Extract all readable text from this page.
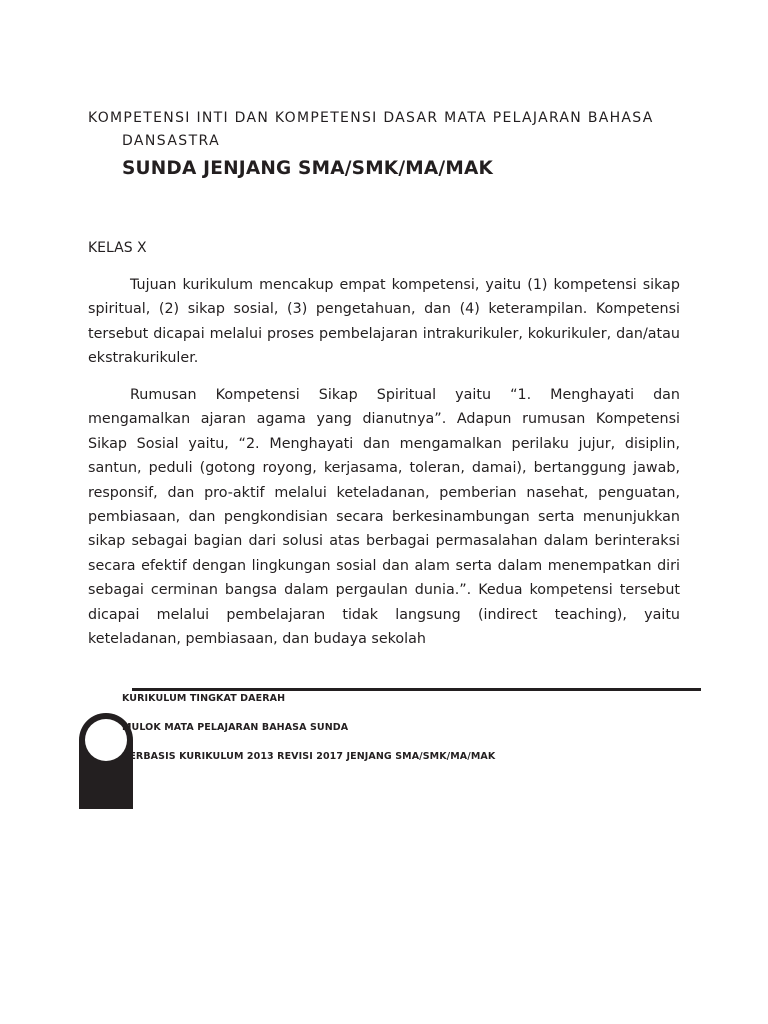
KOMPETENSI INTI DAN KOMPETENSI DASAR MATA PELAJARAN BAHASA
DANSASTRA
SUNDA JENJANG SMA/SMK/MA/MAK
KELAS X

Tujuan kurikulum mencakup empat kompetensi, yaitu (1) kompetensi sikap spiritual, (2) sikap sosial, (3) pengetahuan, dan (4) keterampilan. Kompetensi tersebut dicapai melalui proses pembelajaran intrakurikuler, kokurikuler, dan/atau ekstrakurikuler.

Rumusan Kompetensi Sikap Spiritual yaitu “1. Menghayati dan mengamalkan ajaran agama yang dianutnya”. Adapun rumusan Kompetensi Sikap Sosial yaitu, “2. Menghayati dan mengamalkan perilaku jujur, disiplin, santun, peduli (gotong royong, kerjasama, toleran, damai), bertanggung jawab, responsif, dan pro-aktif melalui keteladanan, pemberian nasehat, penguatan, pembiasaan, dan pengkondisian secara berkesinambungan serta menunjukkan sikap sebagai bagian dari solusi atas berbagai permasalahan dalam berinteraksi secara efektif dengan lingkungan sosial dan alam serta dalam menempatkan diri sebagai cerminan bangsa dalam pergaulan dunia.”. Kedua kompetensi tersebut dicapai melalui pembelajaran tidak langsung (indirect teaching), yaitu keteladanan, pembiasaan, dan budaya sekolah

KURIKULUM TINGKAT DAERAH
MULOK MATA PELAJARAN BAHASA SUNDA
BERBASIS KURIKULUM 2013 REVISI 2017 JENJANG SMA/SMK/MA/MAK
